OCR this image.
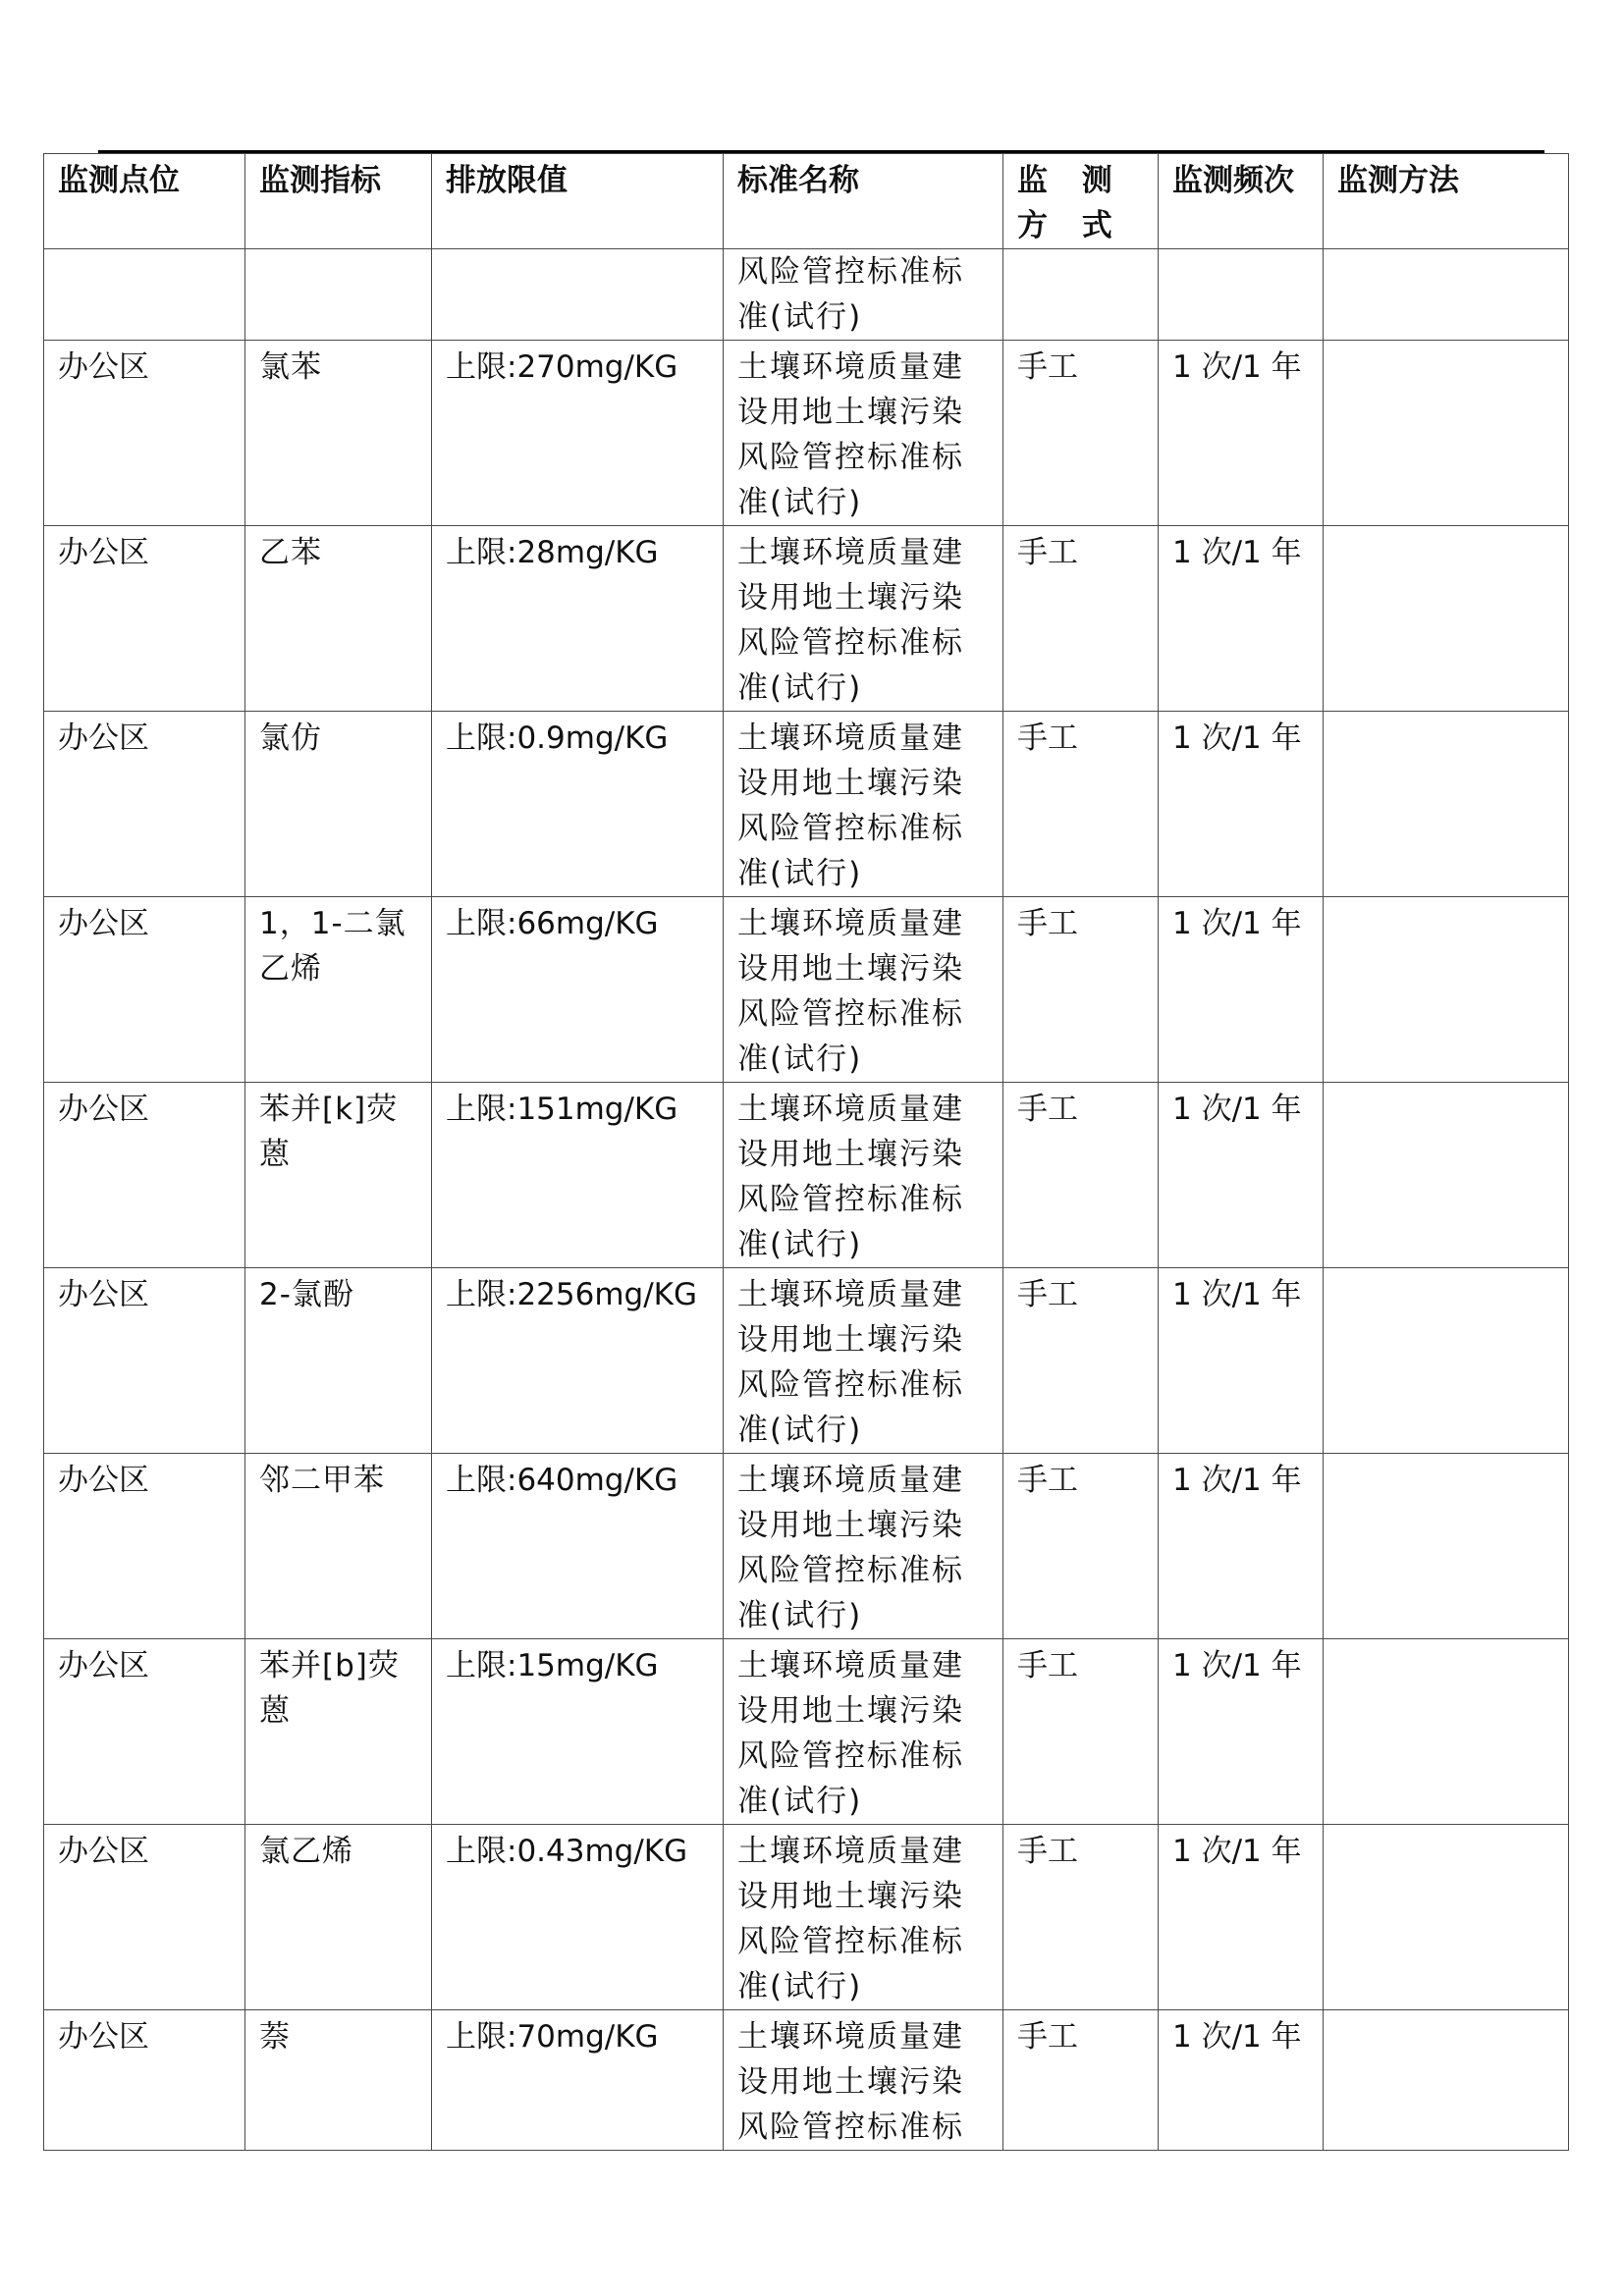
监测点位	监测指标	排放限值	标准名称	监 测 方 式	监测频次	监测方法
			风险管控标准标准(试行)			
办公区	氯苯	上限:270mg/KG	土壤环境质量建设用地土壤污染风险管控标准标准(试行)	手工	1 次/1 年	
办公区	乙苯	上限:28mg/KG	土壤环境质量建设用地土壤污染风险管控标准标准(试行)	手工	1 次/1 年	
办公区	氯仿	上限:0.9mg/KG	土壤环境质量建设用地土壤污染风险管控标准标准(试行)	手工	1 次/1 年	
办公区	1，1-二氯乙烯	上限:66mg/KG	土壤环境质量建设用地土壤污染风险管控标准标准(试行)	手工	1 次/1 年	
办公区	苯并[k]荧蒽	上限:151mg/KG	土壤环境质量建设用地土壤污染风险管控标准标准(试行)	手工	1 次/1 年	
办公区	2-氯酚	上限:2256mg/KG	土壤环境质量建设用地土壤污染风险管控标准标准(试行)	手工	1 次/1 年	
办公区	邻二甲苯	上限:640mg/KG	土壤环境质量建设用地土壤污染风险管控标准标准(试行)	手工	1 次/1 年	
办公区	苯并[b]荧蒽	上限:15mg/KG	土壤环境质量建设用地土壤污染风险管控标准标准(试行)	手工	1 次/1 年	
办公区	氯乙烯	上限:0.43mg/KG	土壤环境质量建设用地土壤污染风险管控标准标准(试行)	手工	1 次/1 年	
办公区	萘	上限:70mg/KG	土壤环境质量建设用地土壤污染风险管控标准标	手工	1 次/1 年	
